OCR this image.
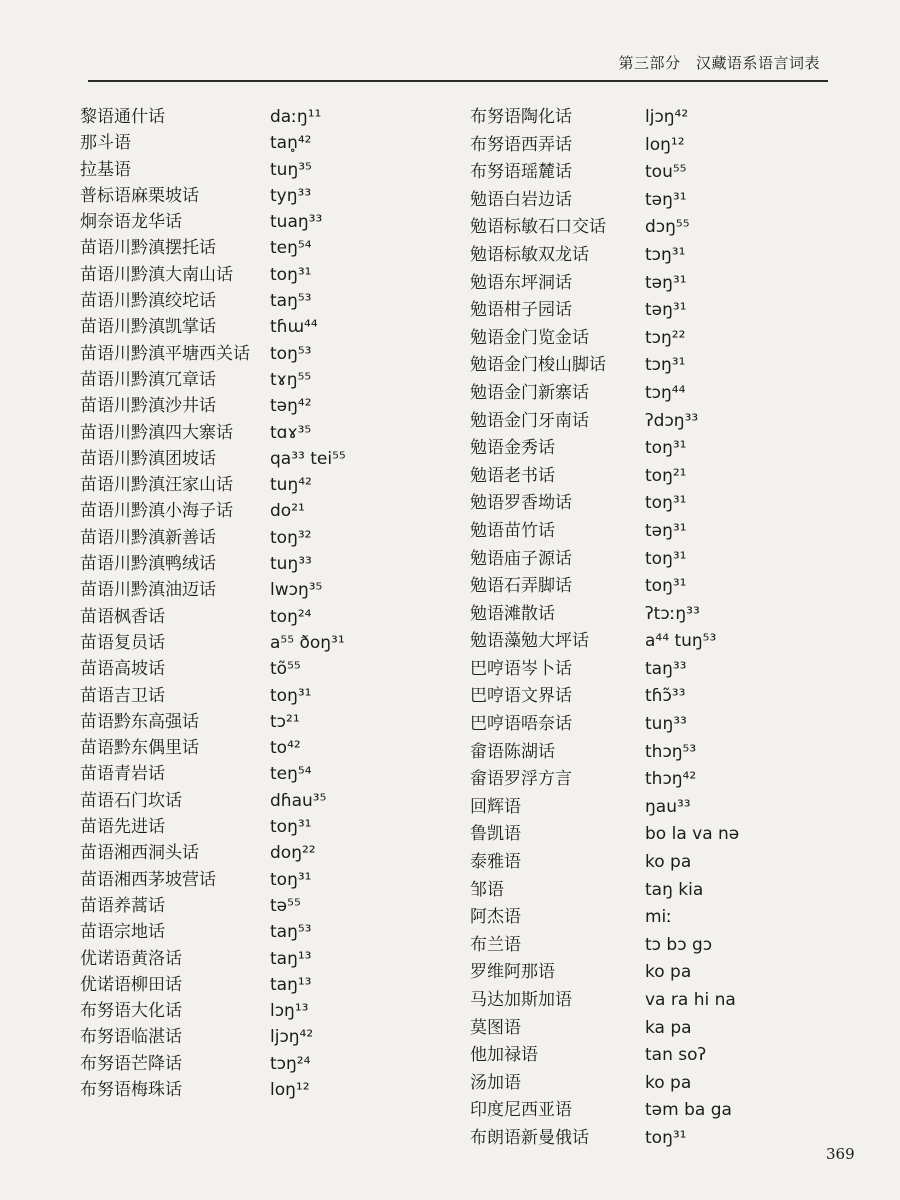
第三部分　汉藏语系语言词表
黎语通什话	daːŋ¹¹
那斗语	tan̥⁴²
拉基语	tuŋ³⁵
普标语麻栗坡话	tyŋ³³
炯奈语龙华话	tuaŋ³³
苗语川黔滇摆托话	teŋ⁵⁴
苗语川黔滇大南山话	toŋ³¹
苗语川黔滇绞坨话	taŋ⁵³
苗语川黔滇凯掌话	tɦɯ⁴⁴
苗语川黔滇平塘西关话	toŋ⁵³
苗语川黔滇冗章话	tɤŋ⁵⁵
苗语川黔滇沙井话	təŋ⁴²
苗语川黔滇四大寨话	tɑɤ³⁵
苗语川黔滇团坡话	qa³³ tei⁵⁵
苗语川黔滇汪家山话	tuŋ⁴²
苗语川黔滇小海子话	do²¹
苗语川黔滇新善话	toŋ³²
苗语川黔滇鸭绒话	tuŋ³³
苗语川黔滇油迈话	lwɔŋ³⁵
苗语枫香话	toŋ²⁴
苗语复员话	a⁵⁵ ðoŋ³¹
苗语高坡话	tõ⁵⁵
苗语吉卫话	toŋ³¹
苗语黔东高强话	tɔ²¹
苗语黔东偶里话	to⁴²
苗语青岩话	teŋ⁵⁴
苗语石门坎话	dɦau³⁵
苗语先进话	toŋ³¹
苗语湘西洞头话	doŋ²²
苗语湘西茅坡营话	toŋ³¹
苗语养蒿话	tə⁵⁵
苗语宗地话	taŋ⁵³
优诺语黄洛话	taŋ¹³
优诺语柳田话	taŋ¹³
布努语大化话	lɔŋ¹³
布努语临湛话	ljɔŋ⁴²
布努语芒降话	tɔŋ²⁴
布努语梅珠话	loŋ¹²
布努语陶化话	ljɔŋ⁴²
布努语西弄话	loŋ¹²
布努语瑶麓话	tou⁵⁵
勉语白岩边话	təŋ³¹
勉语标敏石口交话	dɔŋ⁵⁵
勉语标敏双龙话	tɔŋ³¹
勉语东坪洞话	təŋ³¹
勉语柑子园话	təŋ³¹
勉语金门览金话	tɔŋ²²
勉语金门梭山脚话	tɔŋ³¹
勉语金门新寨话	tɔŋ⁴⁴
勉语金门牙南话	ʔdɔŋ³³
勉语金秀话	toŋ³¹
勉语老书话	toŋ²¹
勉语罗香坳话	toŋ³¹
勉语苗竹话	təŋ³¹
勉语庙子源话	toŋ³¹
勉语石弄脚话	toŋ³¹
勉语滩散话	ʔtɔːŋ³³
勉语藻勉大坪话	a⁴⁴ tuŋ⁵³
巴哼语岑卜话	taŋ³³
巴哼语文界话	tɦɔ̃³³
巴哼语唔奈话	tuŋ³³
畲语陈湖话	thɔŋ⁵³
畲语罗浮方言	thɔŋ⁴²
回辉语	ŋau³³
鲁凯语	bo la va nə
泰雅语	ko pa
邹语	taŋ kia
阿杰语	miː
布兰语	tɔ bɔ gɔ
罗维阿那语	ko pa
马达加斯加语	va ra hi na
莫图语	ka pa
他加禄语	tan soʔ
汤加语	ko pa
印度尼西亚语	təm ba ga
布朗语新曼俄话	toŋ³¹
369
